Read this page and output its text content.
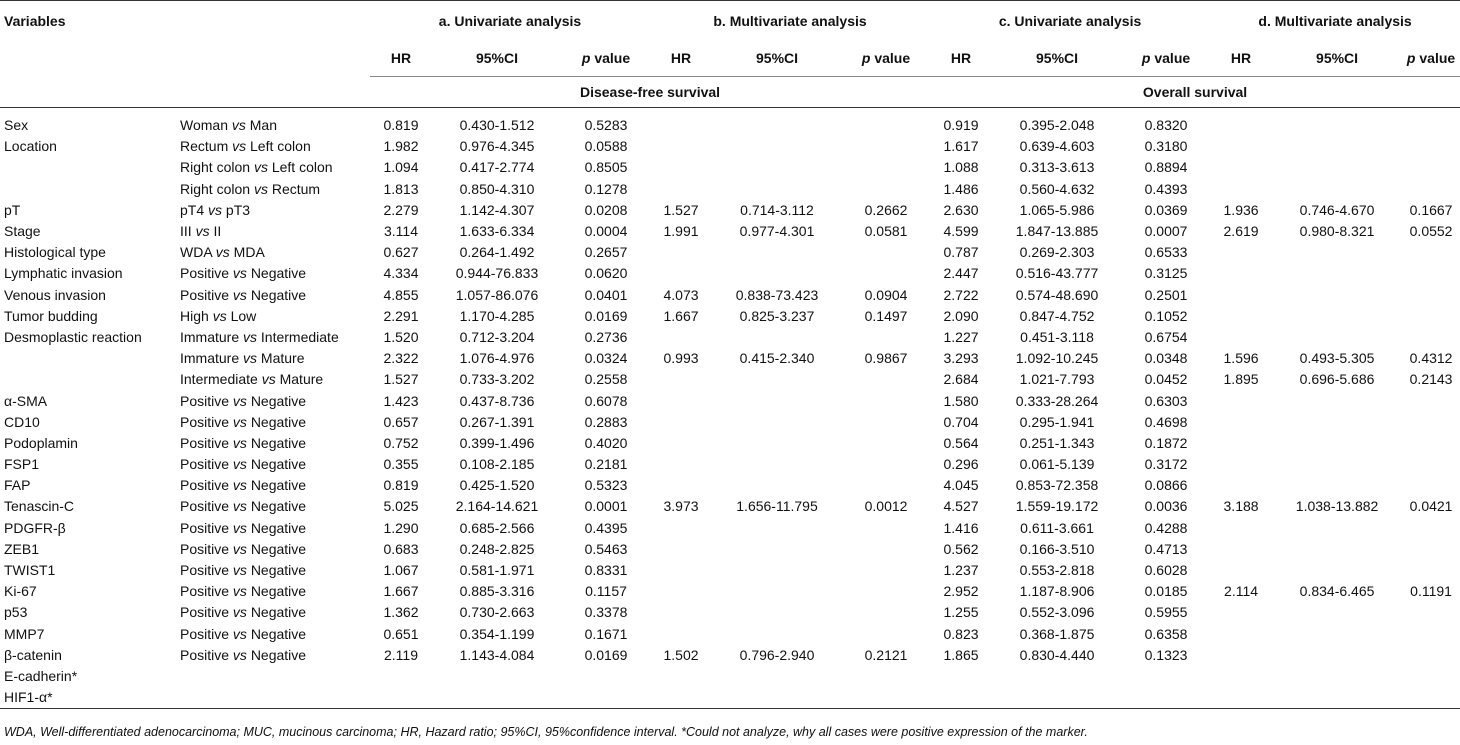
Variables		a. Univariate analysis			b. Multivariate analysis			c. Univariate analysis			d. Multivariate analysis		
		HR	95%CI	p value	HR	95%CI	p value	HR	95%CI	p value	HR	95%CI	p value
		Disease-free survival						Overall survival					
Sex	Woman vs Man	0.819	0.430-1.512	0.5283				0.919	0.395-2.048	0.8320			
Location	Rectum vs Left colon	1.982	0.976-4.345	0.0588				1.617	0.639-4.603	0.3180			
	Right colon vs Left colon	1.094	0.417-2.774	0.8505				1.088	0.313-3.613	0.8894			
	Right colon vs Rectum	1.813	0.850-4.310	0.1278				1.486	0.560-4.632	0.4393			
pT	pT4 vs pT3	2.279	1.142-4.307	0.0208	1.527	0.714-3.112	0.2662	2.630	1.065-5.986	0.0369	1.936	0.746-4.670	0.1667
Stage	III vs II	3.114	1.633-6.334	0.0004	1.991	0.977-4.301	0.0581	4.599	1.847-13.885	0.0007	2.619	0.980-8.321	0.0552
Histological type	WDA vs MDA	0.627	0.264-1.492	0.2657				0.787	0.269-2.303	0.6533			
Lymphatic invasion	Positive vs Negative	4.334	0.944-76.833	0.0620				2.447	0.516-43.777	0.3125			
Venous invasion	Positive vs Negative	4.855	1.057-86.076	0.0401	4.073	0.838-73.423	0.0904	2.722	0.574-48.690	0.2501			
Tumor budding	High vs Low	2.291	1.170-4.285	0.0169	1.667	0.825-3.237	0.1497	2.090	0.847-4.752	0.1052			
Desmoplastic reaction	Immature vs Intermediate	1.520	0.712-3.204	0.2736				1.227	0.451-3.118	0.6754			
	Immature vs Mature	2.322	1.076-4.976	0.0324	0.993	0.415-2.340	0.9867	3.293	1.092-10.245	0.0348	1.596	0.493-5.305	0.4312
	Intermediate vs Mature	1.527	0.733-3.202	0.2558				2.684	1.021-7.793	0.0452	1.895	0.696-5.686	0.2143
α-SMA	Positive vs Negative	1.423	0.437-8.736	0.6078				1.580	0.333-28.264	0.6303			
CD10	Positive vs Negative	0.657	0.267-1.391	0.2883				0.704	0.295-1.941	0.4698			
Podoplamin	Positive vs Negative	0.752	0.399-1.496	0.4020				0.564	0.251-1.343	0.1872			
FSP1	Positive vs Negative	0.355	0.108-2.185	0.2181				0.296	0.061-5.139	0.3172			
FAP	Positive vs Negative	0.819	0.425-1.520	0.5323				4.045	0.853-72.358	0.0866			
Tenascin-C	Positive vs Negative	5.025	2.164-14.621	0.0001	3.973	1.656-11.795	0.0012	4.527	1.559-19.172	0.0036	3.188	1.038-13.882	0.0421
PDGFR-β	Positive vs Negative	1.290	0.685-2.566	0.4395				1.416	0.611-3.661	0.4288			
ZEB1	Positive vs Negative	0.683	0.248-2.825	0.5463				0.562	0.166-3.510	0.4713			
TWIST1	Positive vs Negative	1.067	0.581-1.971	0.8331				1.237	0.553-2.818	0.6028			
Ki-67	Positive vs Negative	1.667	0.885-3.316	0.1157				2.952	1.187-8.906	0.0185	2.114	0.834-6.465	0.1191
p53	Positive vs Negative	1.362	0.730-2.663	0.3378				1.255	0.552-3.096	0.5955			
MMP7	Positive vs Negative	0.651	0.354-1.199	0.1671				0.823	0.368-1.875	0.6358			
β-catenin	Positive vs Negative	2.119	1.143-4.084	0.0169	1.502	0.796-2.940	0.2121	1.865	0.830-4.440	0.1323			
E-cadherin*													
HIF1-α*													
WDA, Well-differentiated adenocarcinoma; MUC, mucinous carcinoma; HR, Hazard ratio; 95%CI, 95%confidence interval. *Could not analyze, why all cases were positive expression of the marker.													
